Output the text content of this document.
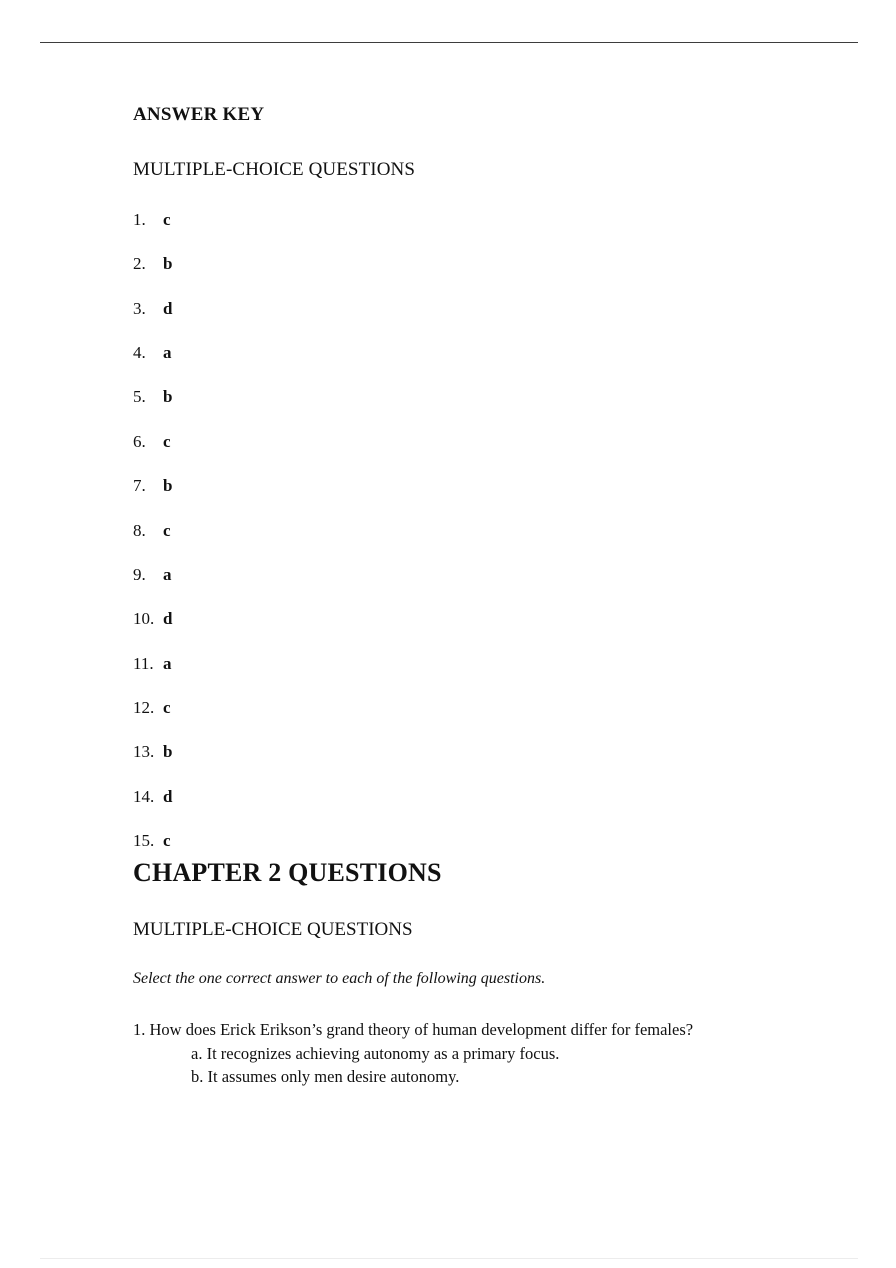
ANSWER KEY
MULTIPLE-CHOICE QUESTIONS
1.	c
2.	b
3.	d
4.	a
5.	b
6.	c
7.	b
8.	c
9.	a
10. d
11. a
12. c
13. b
14. d
15. c
CHAPTER 2 QUESTIONS
MULTIPLE-CHOICE QUESTIONS

Select the one correct answer to each of the following questions.

1. How does Erick Erikson’s grand theory of human development differ for females?

a. It recognizes achieving autonomy as a primary focus.

b. It assumes only men desire autonomy.
